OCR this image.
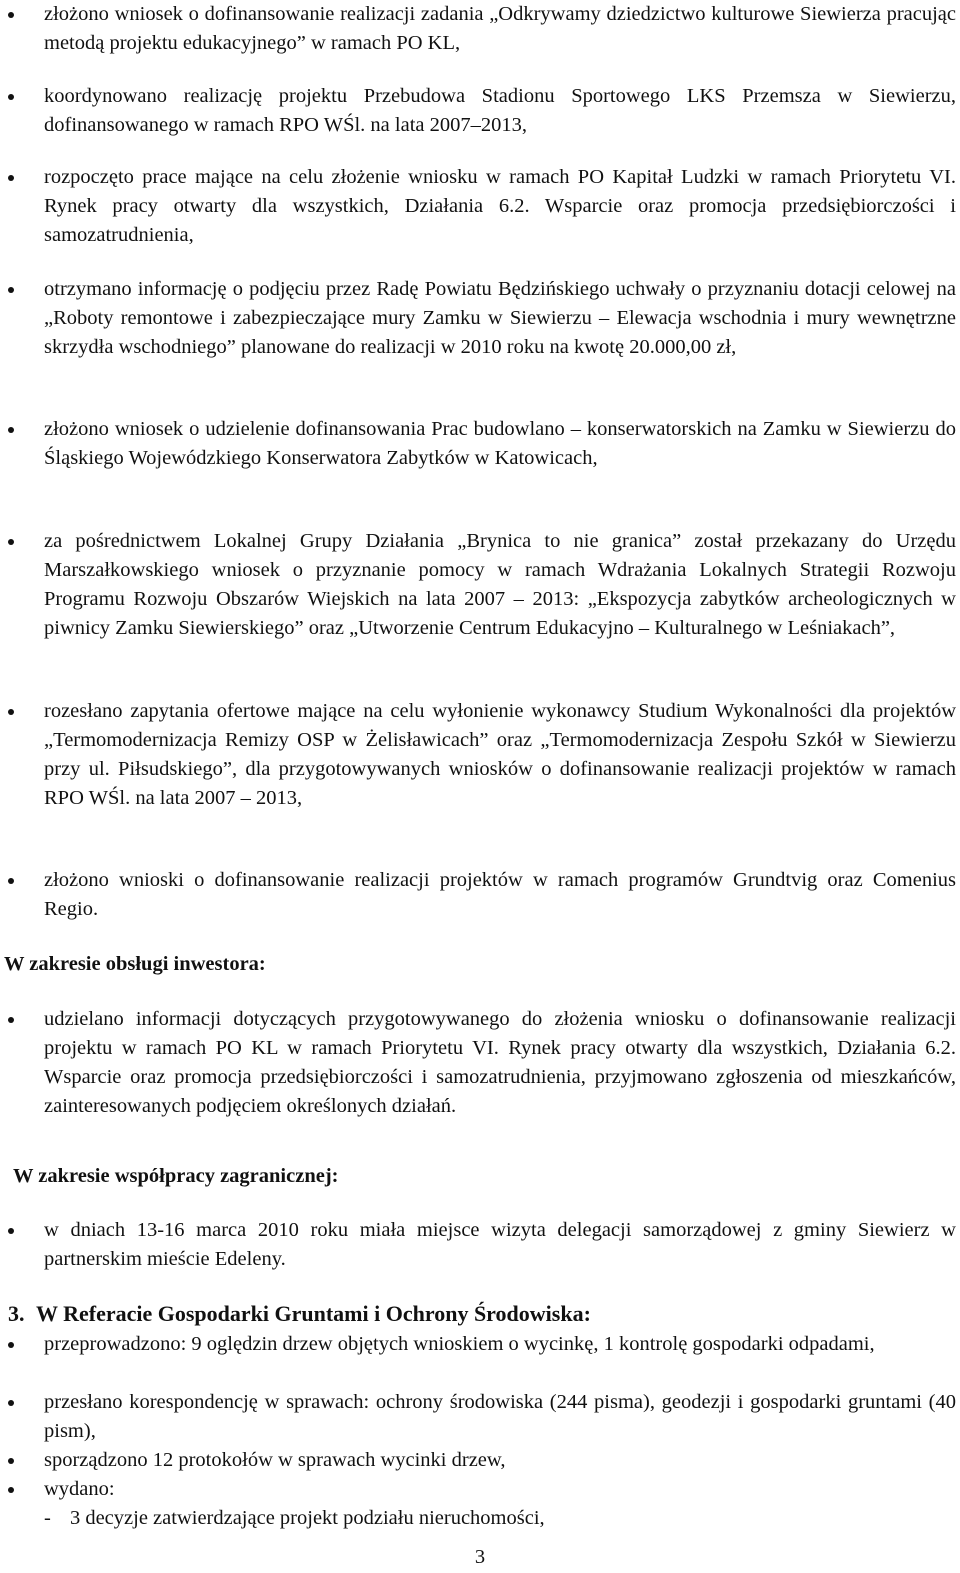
złożono wniosek o dofinansowanie realizacji zadania „Odkrywamy dziedzictwo kulturowe Siewierza pracując metodą projektu edukacyjnego” w ramach PO KL,
koordynowano realizację projektu Przebudowa Stadionu Sportowego LKS Przemsza w Siewierzu, dofinansowanego w ramach RPO WŚl. na lata 2007–2013,
rozpoczęto prace mające na celu złożenie wniosku w ramach PO Kapitał Ludzki w ramach Priorytetu VI. Rynek pracy otwarty dla wszystkich, Działania 6.2. Wsparcie oraz promocja przedsiębiorczości i samozatrudnienia,
otrzymano informację o podjęciu przez Radę Powiatu Będzińskiego uchwały o przyznaniu dotacji celowej na „Roboty remontowe i zabezpieczające mury Zamku w Siewierzu – Elewacja wschodnia i mury wewnętrzne skrzydła wschodniego” planowane do realizacji w 2010 roku na kwotę 20.000,00 zł,
złożono wniosek o udzielenie dofinansowania Prac budowlano – konserwatorskich na Zamku w Siewierzu do Śląskiego Wojewódzkiego Konserwatora Zabytków w Katowicach,
za pośrednictwem Lokalnej Grupy Działania „Brynica to nie granica” został przekazany do Urzędu Marszałkowskiego wniosek o przyznanie pomocy w ramach Wdrażania Lokalnych Strategii Rozwoju Programu Rozwoju Obszarów Wiejskich na lata 2007 – 2013: „Ekspozycja zabytków archeologicznych w piwnicy Zamku Siewierskiego” oraz „Utworzenie Centrum Edukacyjno – Kulturalnego w Leśniakach”,
rozesłano zapytania ofertowe mające na celu wyłonienie wykonawcy Studium Wykonalności dla projektów „Termomodernizacja Remizy OSP w Żelisławicach” oraz „Termomodernizacja Zespołu Szkół w Siewierzu przy ul. Piłsudskiego”, dla przygotowywanych wniosków o dofinansowanie realizacji projektów w ramach RPO WŚl. na lata 2007 – 2013,
złożono wnioski o dofinansowanie realizacji projektów w ramach programów Grundtvig oraz Comenius Regio.
W zakresie obsługi inwestora:
udzielano informacji dotyczących przygotowywanego do złożenia wniosku o dofinansowanie realizacji projektu w ramach PO KL w ramach Priorytetu VI. Rynek pracy otwarty dla wszystkich, Działania 6.2. Wsparcie oraz promocja przedsiębiorczości i samozatrudnienia, przyjmowano zgłoszenia od mieszkańców, zainteresowanych podjęciem określonych działań.
W zakresie współpracy zagranicznej:
w dniach 13-16 marca 2010 roku miała miejsce wizyta delegacji samorządowej z gminy Siewierz w partnerskim mieście Edeleny.
3. W Referacie Gospodarki Gruntami i Ochrony Środowiska:
przeprowadzono: 9 oględzin drzew objętych wnioskiem o wycinkę, 1 kontrolę gospodarki odpadami,
przesłano korespondencję w sprawach: ochrony środowiska (244 pisma), geodezji i gospodarki gruntami (40 pism),
sporządzono 12 protokołów w sprawach wycinki drzew,
wydano:
- 3 decyzje zatwierdzające projekt podziału nieruchomości,
3
